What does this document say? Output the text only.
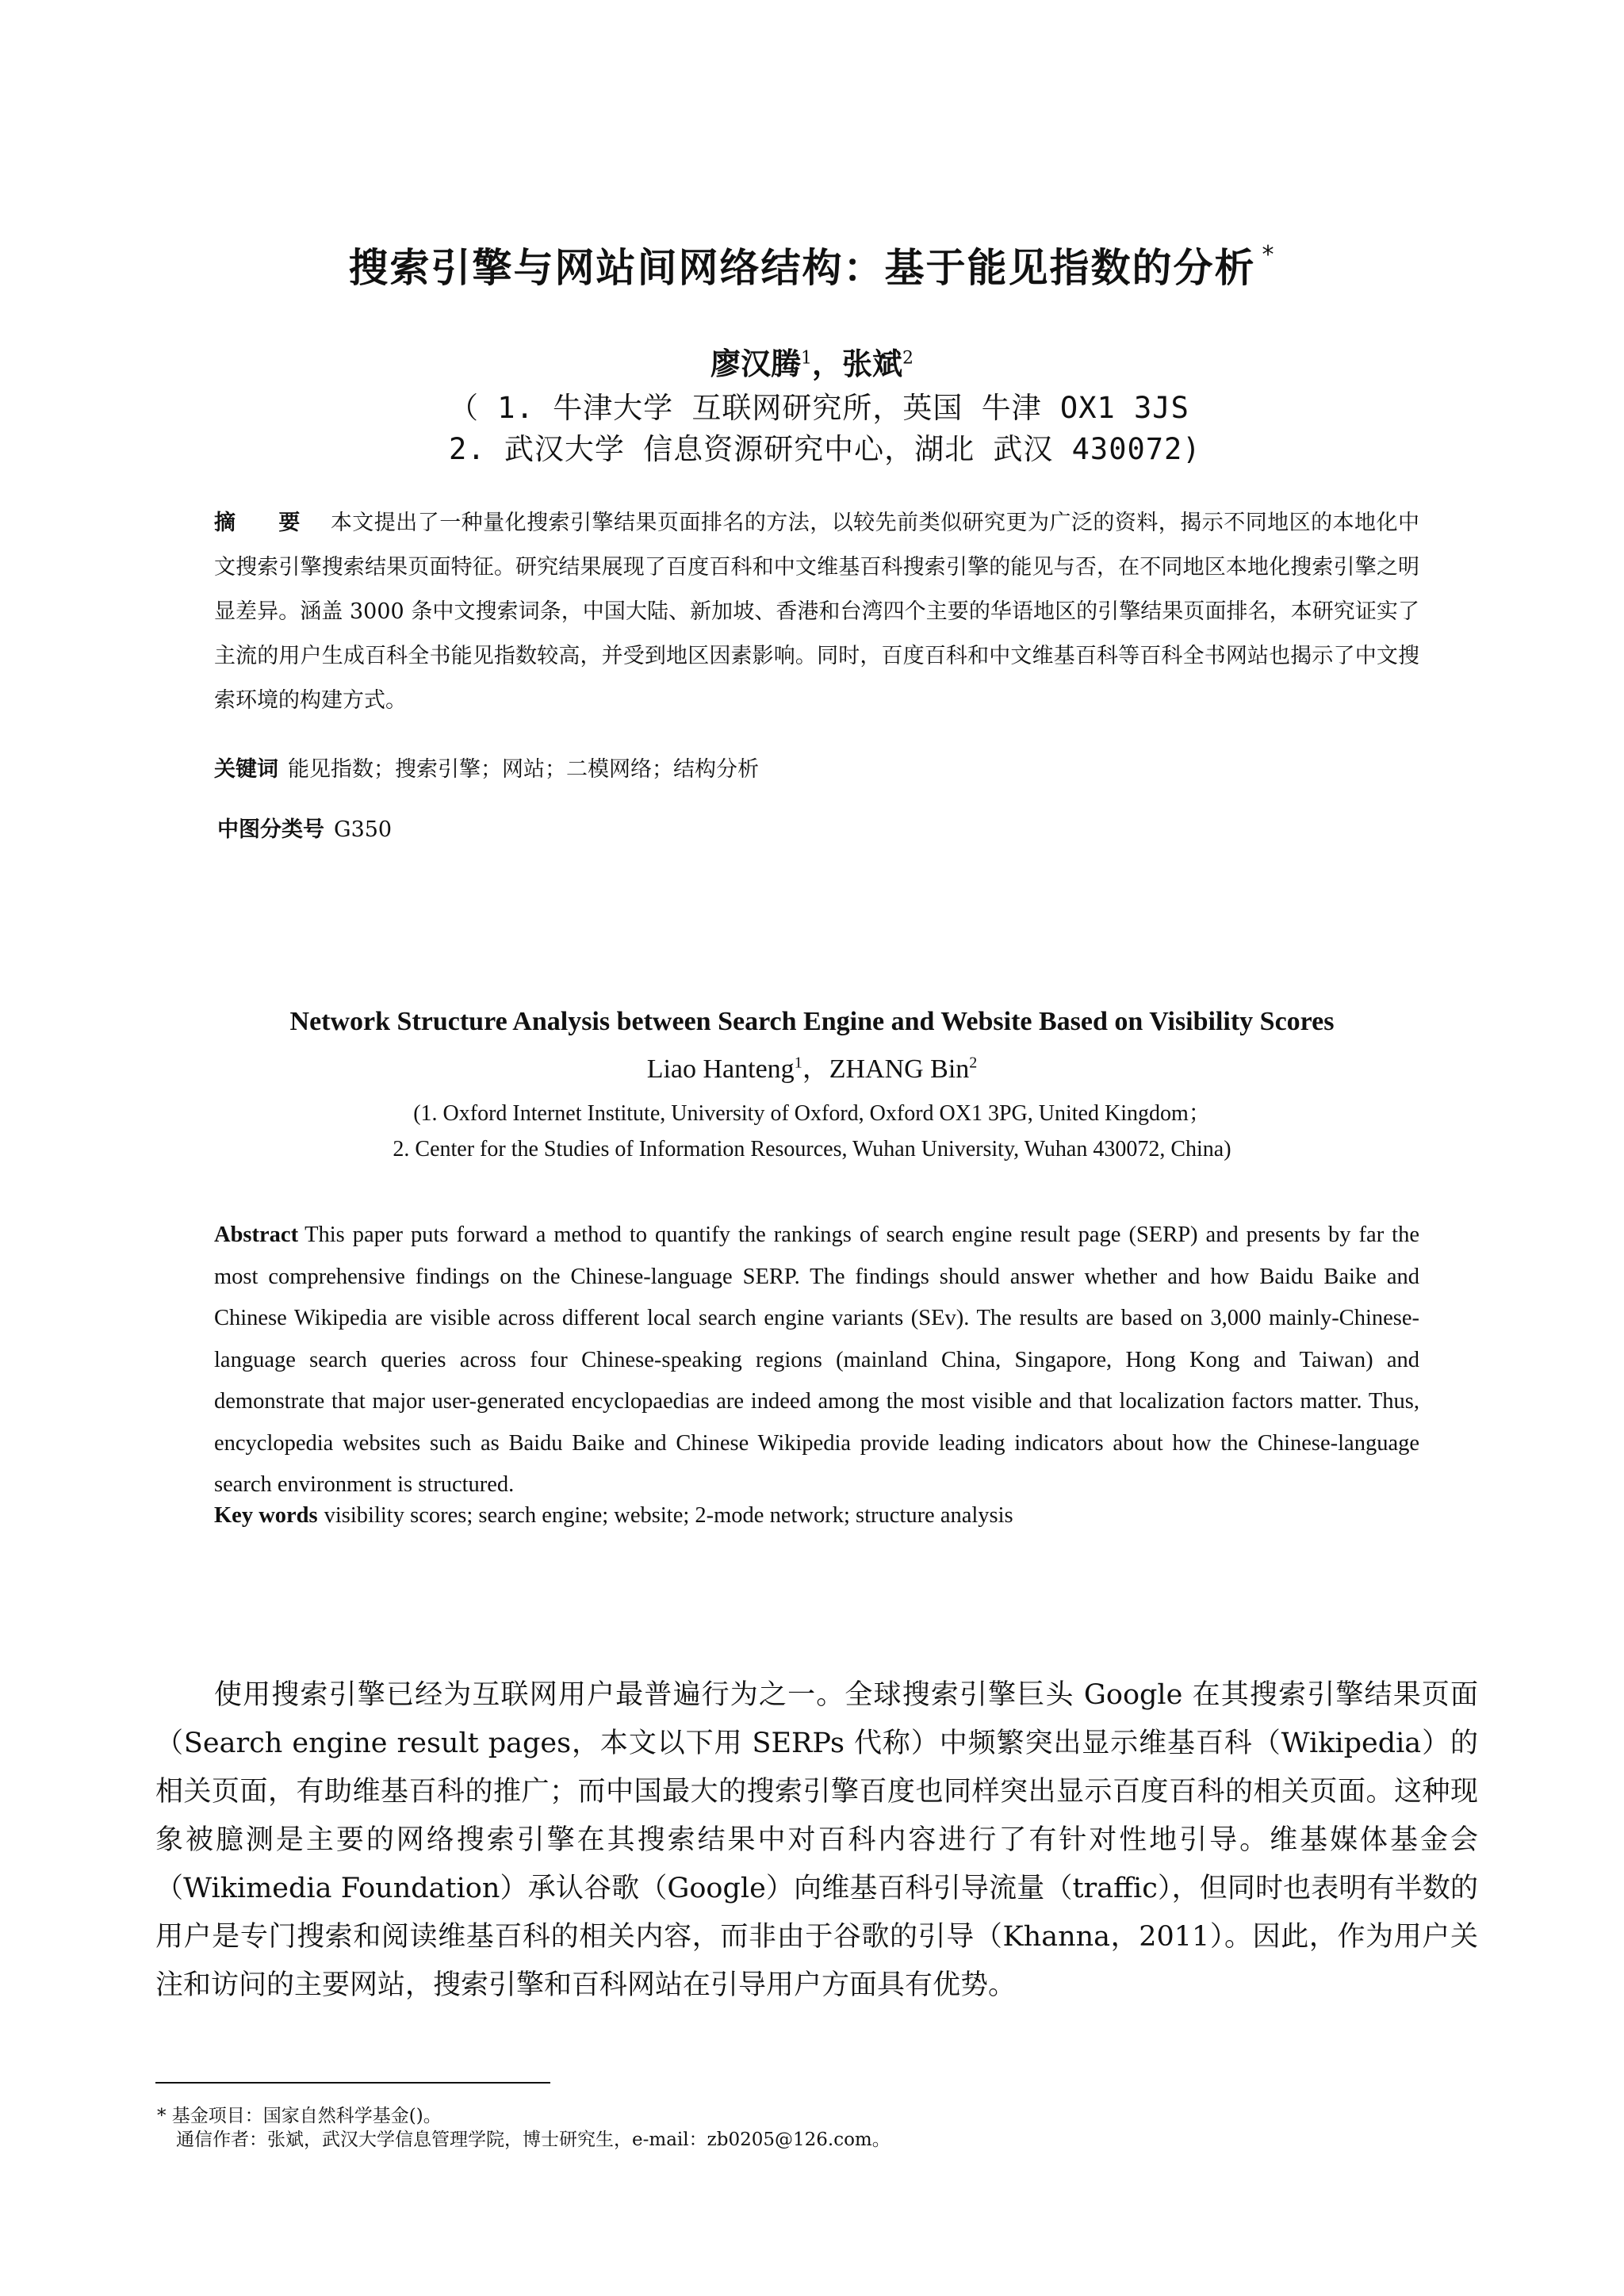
搜索引擎与网站间网络结构：基于能见指数的分析 *
廖汉腾$^1$，张斌$^2$
（ 1. 牛津大学 互联网研究所，英国 牛津 OX1 3JS
2. 武汉大学 信息资源研究中心，湖北 武汉 430072)
摘 要 本文提出了一种量化搜索引擎结果页面排名的方法，以较先前类似研究更为广泛的资料，揭示不同地区的本地化中文搜索引擎搜索结果页面特征。研究结果展现了百度百科和中文维基百科搜索引擎的能见与否，在不同地区本地化搜索引擎之明显差异。涵盖 3000 条中文搜索词条，中国大陆、新加坡、香港和台湾四个主要的华语地区的引擎结果页面排名，本研究证实了主流的用户生成百科全书能见指数较高，并受到地区因素影响。同时，百度百科和中文维基百科等百科全书网站也揭示了中文搜索环境的构建方式。
关键词 能见指数；搜索引擎；网站；二模网络；结构分析
中图分类号 G350
Network Structure Analysis between Search Engine and Website Based on Visibility Scores
Liao Hanteng$^1$，ZHANG Bin$^2$
(1. Oxford Internet Institute, University of Oxford, Oxford OX1 3PG, United Kingdom；
2. Center for the Studies of Information Resources, Wuhan University, Wuhan 430072, China)
Abstract This paper puts forward a method to quantify the rankings of search engine result page (SERP) and presents by far the most comprehensive findings on the Chinese-language SERP. The findings should answer whether and how Baidu Baike and Chinese Wikipedia are visible across different local search engine variants (SEv). The results are based on 3,000 mainly-Chinese-language search queries across four Chinese-speaking regions (mainland China, Singapore, Hong Kong and Taiwan) and demonstrate that major user-generated encyclopaedias are indeed among the most visible and that localization factors matter. Thus, encyclopedia websites such as Baidu Baike and Chinese Wikipedia provide leading indicators about how the Chinese-language search environment is structured.
Key words visibility scores; search engine; website; 2-mode network; structure analysis
使用搜索引擎已经为互联网用户最普遍行为之一。全球搜索引擎巨头 Google 在其搜索引擎结果页面（Search engine result pages，本文以下用 SERPs 代称）中频繁突出显示维基百科（Wikipedia）的相关页面，有助维基百科的推广；而中国最大的搜索引擎百度也同样突出显示百度百科的相关页面。这种现象被臆测是主要的网络搜索引擎在其搜索结果中对百科内容进行了有针对性地引导。维基媒体基金会（Wikimedia Foundation）承认谷歌（Google）向维基百科引导流量（traffic），但同时也表明有半数的用户是专门搜索和阅读维基百科的相关内容，而非由于谷歌的引导（Khanna，2011）。因此，作为用户关注和访问的主要网站，搜索引擎和百科网站在引导用户方面具有优势。
* 基金项目：国家自然科学基金()。
通信作者：张斌，武汉大学信息管理学院，博士研究生，e-mail：zb0205@126.com。
